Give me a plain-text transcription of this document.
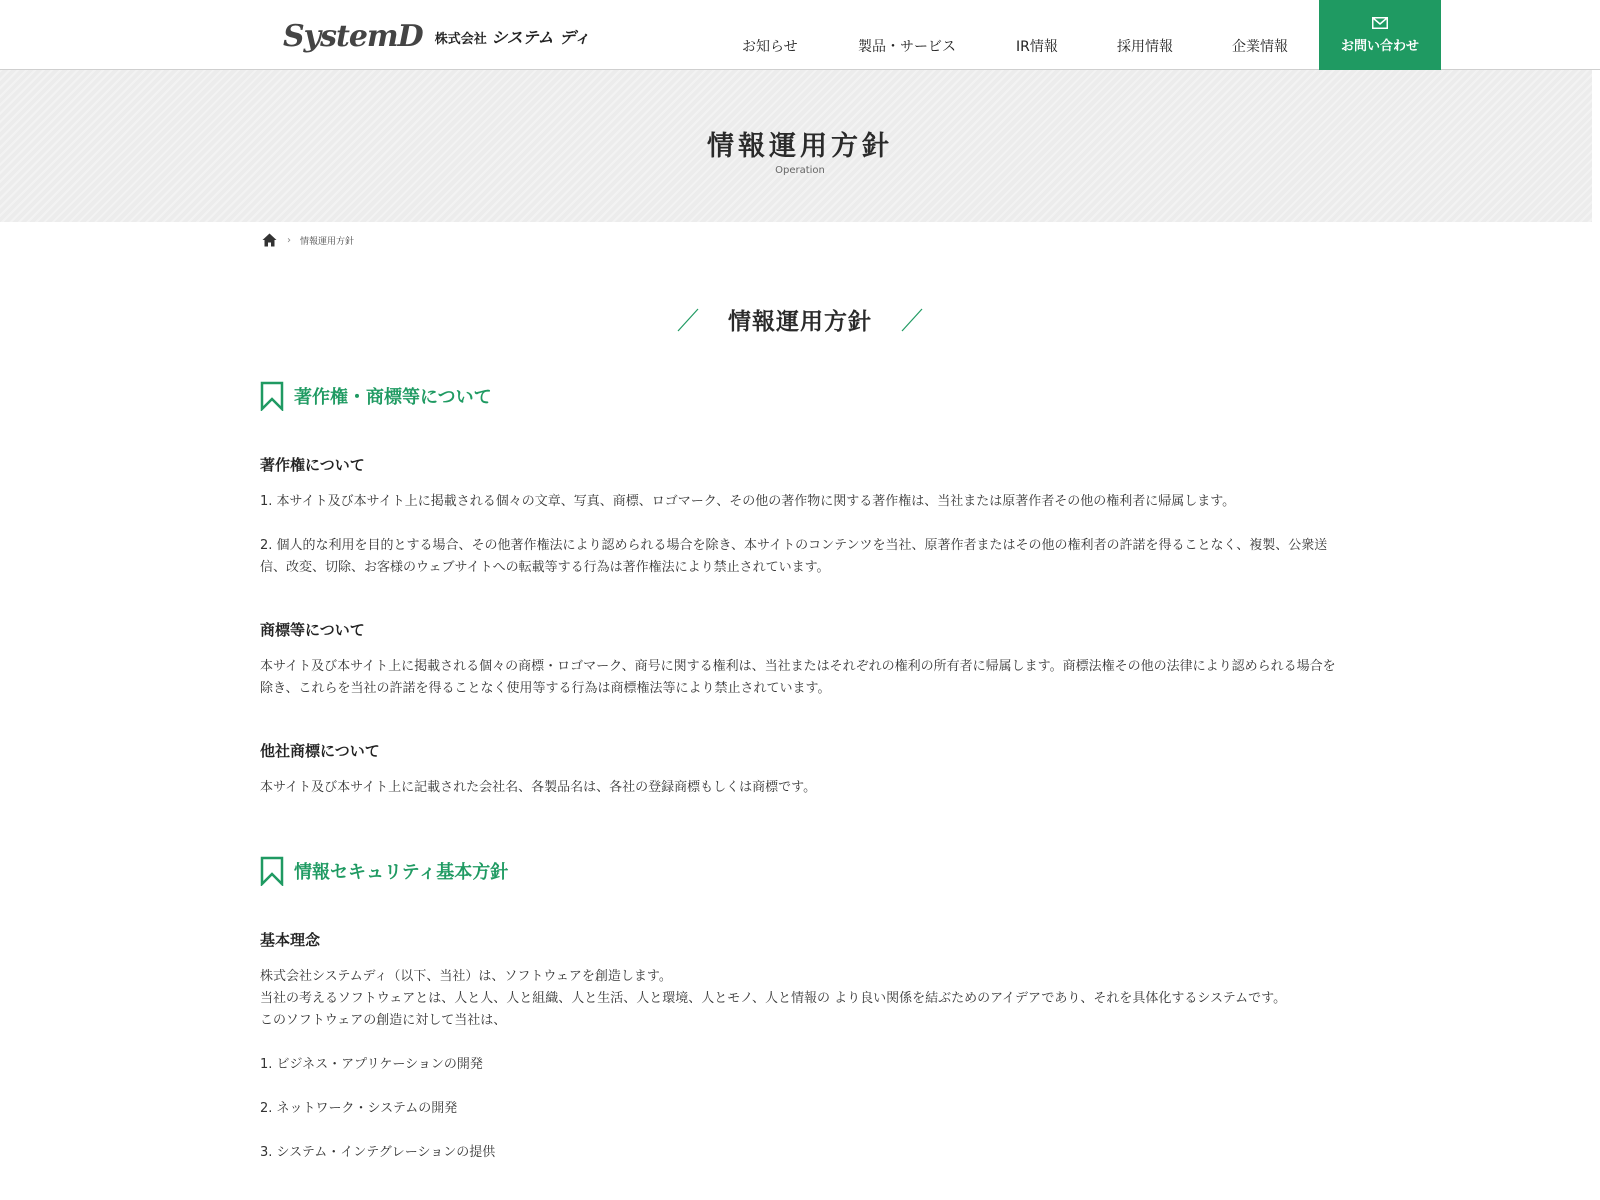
SystemD 株式会社 システム ディ
お知らせ	製品・サービス	IR情報	採用情報	企業情報	お問い合わせ
情報運用方針
Operation
› 情報運用方針
情報運用方針
著作権・商標等について
著作権について

1. 本サイト及び本サイト上に掲載される個々の文章、写真、商標、ロゴマーク、その他の著作物に関する著作権は、当社または原著作者その他の権利者に帰属します。

2. 個人的な利用を目的とする場合、その他著作権法により認められる場合を除き、本サイトのコンテンツを当社、原著作者またはその他の権利者の許諾を得ることなく、複製、公衆送信、改変、切除、お客様のウェブサイトへの転載等する行為は著作権法により禁止されています。

商標等について

本サイト及び本サイト上に掲載される個々の商標・ロゴマーク、商号に関する権利は、当社またはそれぞれの権利の所有者に帰属します。商標法権その他の法律により認められる場合を除き、これらを当社の許諾を得ることなく使用等する行為は商標権法等により禁止されています。

他社商標について

本サイト及び本サイト上に記載された会社名、各製品名は、各社の登録商標もしくは商標です。

情報セキュリティ基本方針
基本理念

株式会社システムディ（以下、当社）は、ソフトウェアを創造します。

当社の考えるソフトウェアとは、人と人、人と組織、人と生活、人と環境、人とモノ、人と情報の より良い関係を結ぶためのアイデアであり、それを具体化するシステムです。

このソフトウェアの創造に対して当社は、

1. ビジネス・アプリケーションの開発

2. ネットワーク・システムの開発

3. システム・インテグレーションの提供
